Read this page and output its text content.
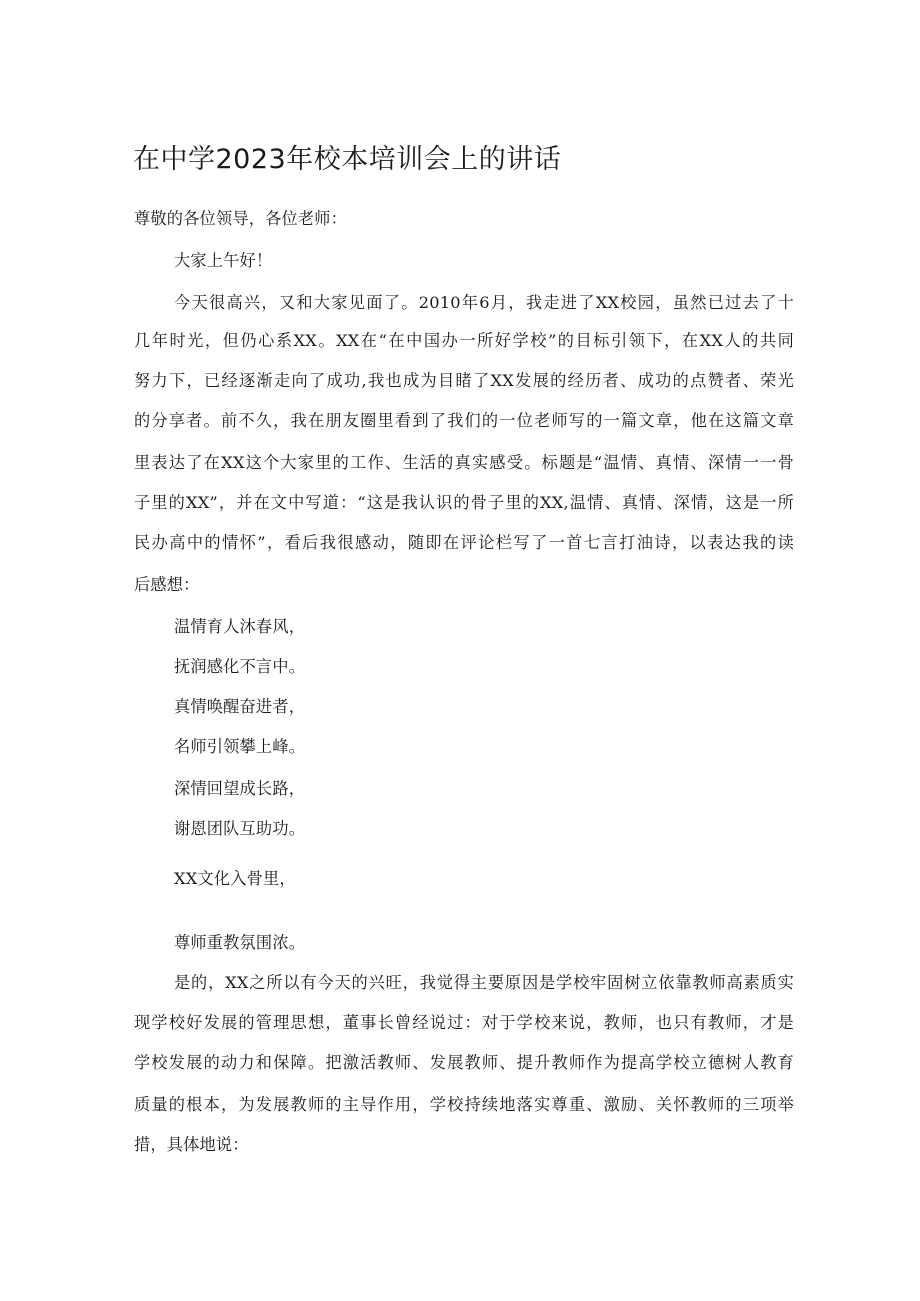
在中学2023年校本培训会上的讲话
尊敬的各位领导，各位老师：
大家上午好！
今天很高兴，又和大家见面了。2010年6月，我走进了XX校园，虽然已过去了十
几年时光，但仍心系XX。XX在“在中国办一所好学校”的目标引领下，在XX人的共同
努力下，已经逐渐走向了成功,我也成为目睹了XX发展的经历者、成功的点赞者、荣光
的分享者。前不久，我在朋友圈里看到了我们的一位老师写的一篇文章，他在这篇文章
里表达了在XX这个大家里的工作、生活的真实感受。标题是“温情、真情、深情一一骨
子里的XX”，并在文中写道：“这是我认识的骨子里的XX,温情、真情、深情，这是一所
民办高中的情怀”，看后我很感动，随即在评论栏写了一首七言打油诗，以表达我的读
后感想：
温情育人沐春风，
抚润感化不言中。
真情唤醒奋进者，
名师引领攀上峰。
深情回望成长路，
谢恩团队互助功。
XX文化入骨里，
尊师重教氛围浓。
是的，XX之所以有今天的兴旺，我觉得主要原因是学校牢固树立依靠教师高素质实
现学校好发展的管理思想，董事长曾经说过：对于学校来说，教师，也只有教师，才是
学校发展的动力和保障。把激活教师、发展教师、提升教师作为提高学校立德树人教育
质量的根本，为发展教师的主导作用，学校持续地落实尊重、激励、关怀教师的三项举
措，具体地说：
